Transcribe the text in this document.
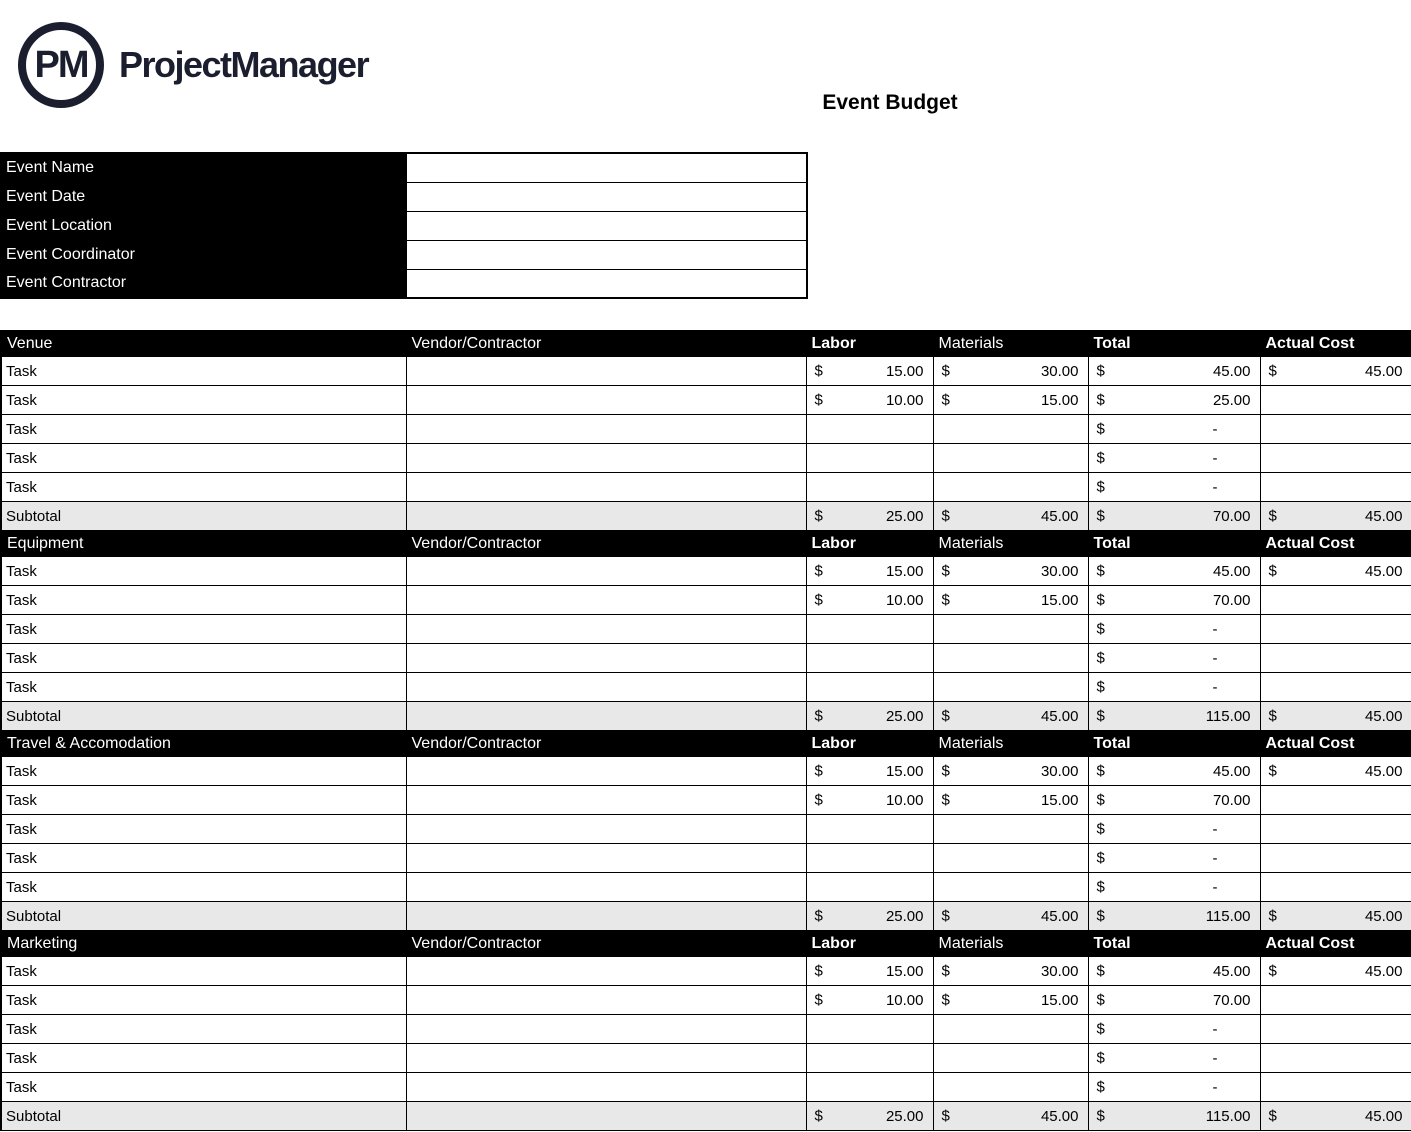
PM ProjectManager
Event Budget
Event Name	
Event Date	
Event Location	
Event Coordinator	
Event Contractor	
Venue	Vendor/Contractor	Labor	Materials	Total	Actual Cost
Task		$ 15.00	$ 30.00	$ 45.00	$ 45.00

Task		$ 10.00	$ 15.00	$ 25.00	

Task				$ -	

Task				$ -	

Task				$ -	

Subtotal		$ 25.00	$ 45.00	$ 70.00	$ 45.00

Equipment	Vendor/Contractor	Labor	Materials	Total	Actual Cost
Task		$ 15.00	$ 30.00	$ 45.00	$ 45.00

Task		$ 10.00	$ 15.00	$ 70.00	

Task				$ -	

Task				$ -	

Task				$ -	

Subtotal		$ 25.00	$ 45.00	$ 115.00	$ 45.00

Travel & Accomodation	Vendor/Contractor	Labor	Materials	Total	Actual Cost
Task		$ 15.00	$ 30.00	$ 45.00	$ 45.00

Task		$ 10.00	$ 15.00	$ 70.00	

Task				$ -	

Task				$ -	

Task				$ -	

Subtotal		$ 25.00	$ 45.00	$ 115.00	$ 45.00

Marketing	Vendor/Contractor	Labor	Materials	Total	Actual Cost
Task		$ 15.00	$ 30.00	$ 45.00	$ 45.00

Task		$ 10.00	$ 15.00	$ 70.00	

Task				$ -	

Task				$ -	

Task				$ -	

Subtotal		$ 25.00	$ 45.00	$ 115.00	$ 45.00
